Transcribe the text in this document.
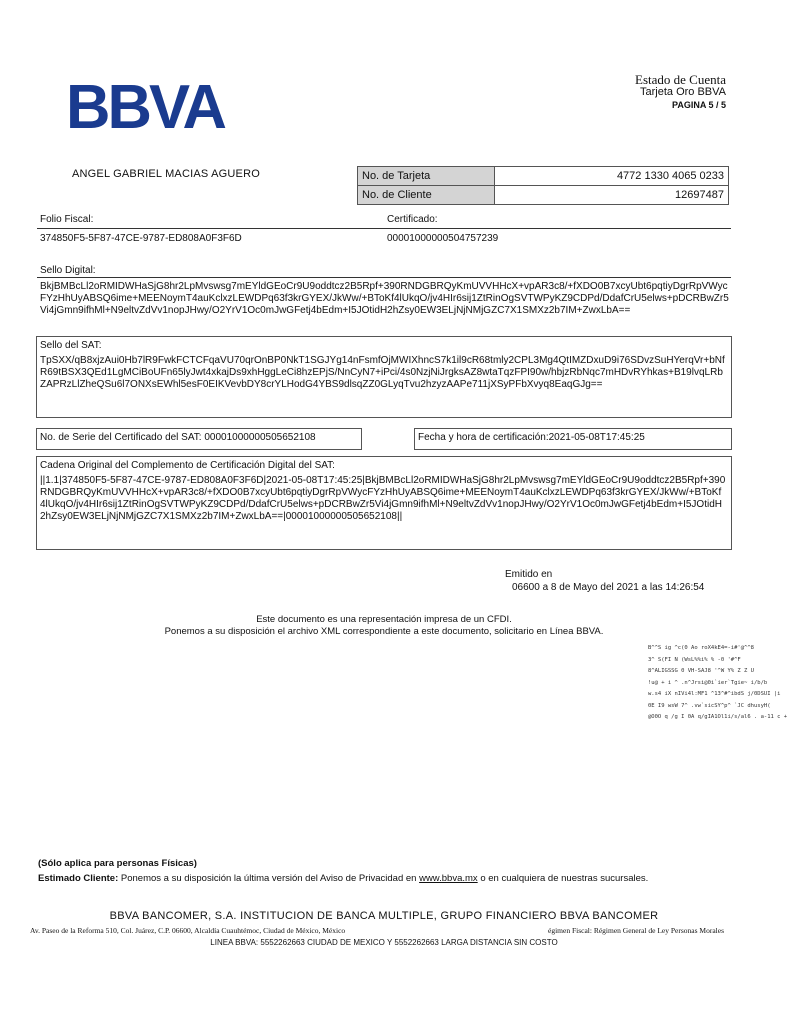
BBVA	Estado de Cuenta
Tarjeta Oro BBVA
PAGINA 5 / 5
ANGEL GABRIEL MACIAS AGUERO	No. de Tarjeta	4772 1330 4065 0233
No. de Cliente	12697487
Folio Fiscal:	Certificado:
374850F5-5F87-47CE-9787-ED808A0F3F6D	00001000000504757239
Sello Digital:
BkjBMBcLl2oRMIDWHaSjG8hr2LpMvswsg7mEYldGEoCr9U9oddtcz2B5Rpf+390RNDGBRQyKmUVVHHcX+vpAR3c8/+fXDO0B7xcyUbt6pqtiyDgrRpVWycFYzHhUyABSQ6ime+MEENoymT4auKclxzLEWDPq63f3krGYEX/JkWw/+BToKf4lUkqO/jv4HIr6sij1ZtRinOgSVTWPyKZ9CDPd/DdafCrU5elws+pDCRBwZr5Vi4jGmn9ifhMl+N9eltvZdVv1nopJHwy/O2YrV1Oc0mJwGFetj4bEdm+I5JOtidH2hZsy0EW3ELjNjNMjGZC7X1SMXz2b7IM+ZwxLbA==
Sello del SAT:
TpSXX/qB8xjzAui0Hb7lR9FwkFCTCFqaVU70qrOnBP0NkT1SGJYg14nFsmfOjMWIXhncS7k1il9cR68tmly2CPL3Mg4QtIMZDxuD9i76SDvzSuHYerqVr+bNfR69tBSX3QEd1LgMCiBoUFn65lyJwt4xkajDs9xhHggLeCi8hzEPjS/NnCyN7+iPci/4s0NzjNiJrgksAZ8wtaTqzFPI90w/hbjzRbNqc7mHDvRYhkas+B19lvqLRbZAPRzLlZheQSu6l7ONXsEWhl5esF0EIKVevbDY8crYLHodG4YBS9dlsqZZ0GLyqTvu2hzyzAAPe711jXSyPFbXvyq8EaqGJg==
No. de Serie del Certificado del SAT: 00001000000505652108	Fecha y hora de certificación:2021-05-08T17:45:25
Cadena Original del Complemento de Certificación Digital del SAT:
||1.1|374850F5-5F87-47CE-9787-ED808A0F3F6D|2021-05-08T17:45:25|BkjBMBcLl2oRMIDWHaSjG8hr2LpMvswsg7mEYldGEoCr9U9oddtcz2B5Rpf+390RNDGBRQyKmUVVHHcX+vpAR3c8/+fXDO0B7xcyUbt6pqtiyDgrRpVWycFYzHhUyABSQ6ime+MEENoymT4auKclxzLEWDPq63f3krGYEX/JkWw/+BToKf4lUkqO/jv4HIr6sij1ZtRinOgSVTWPyKZ9CDPd/DdafCrU5elws+pDCRBwZr5Vi4jGmn9ifhMl+N9eltvZdVv1nopJHwy/O2YrV1Oc0mJwGFetj4bEdm+I5JOtidH2hZsy0EW3ELjNjNMjGZC7X1SMXz2b7IM+ZwxLbA==|00001000000505652108||
Emitido en
06600 a 8 de Mayo del 2021 a las 14:26:54
Este documento es una representación impresa de un CFDI.
Ponemos a su disposición el archivo XML correspondiente a este documento, solicitario en Línea BBVA.
B^^S ig ^c(0 Ao roX4kE4=-i#'@^^8
3^ S(FI N (WsL%%i% % -0 '#^F
8^ALIGSSG 0 VH-SAJ8 '^W Y% Z Z U
!u@ + i ^ .n^Jrsi@0i`ier`Tgie~ i/b/b
w.s4 iX nIVi4l:MF1 ^13^#^ibdS j/0DSUI |i
0E I9 wsW 7^ .vw`sicSY^p^ `JC dhusyH(
@O0O q /g I 0A q/gIA1Ol1i/s/al6 . a-11 c +
(Sólo aplica para personas Físicas)
Estimado Cliente: Ponemos a su disposición la última versión del Aviso de Privacidad en www.bbva.mx o en cualquiera de nuestras sucursales.
BBVA BANCOMER, S.A. INSTITUCION DE BANCA MULTIPLE, GRUPO FINANCIERO BBVA BANCOMER
Av. Paseo de la Reforma 510, Col. Juárez, C.P. 06600, Alcaldía Cuauhtémoc, Ciudad de México, México	égimen Fiscal: Régimen General de Ley Personas Morales
LINEA BBVA: 5552262663 CIUDAD DE MEXICO Y 5552262663 LARGA DISTANCIA SIN COSTO
